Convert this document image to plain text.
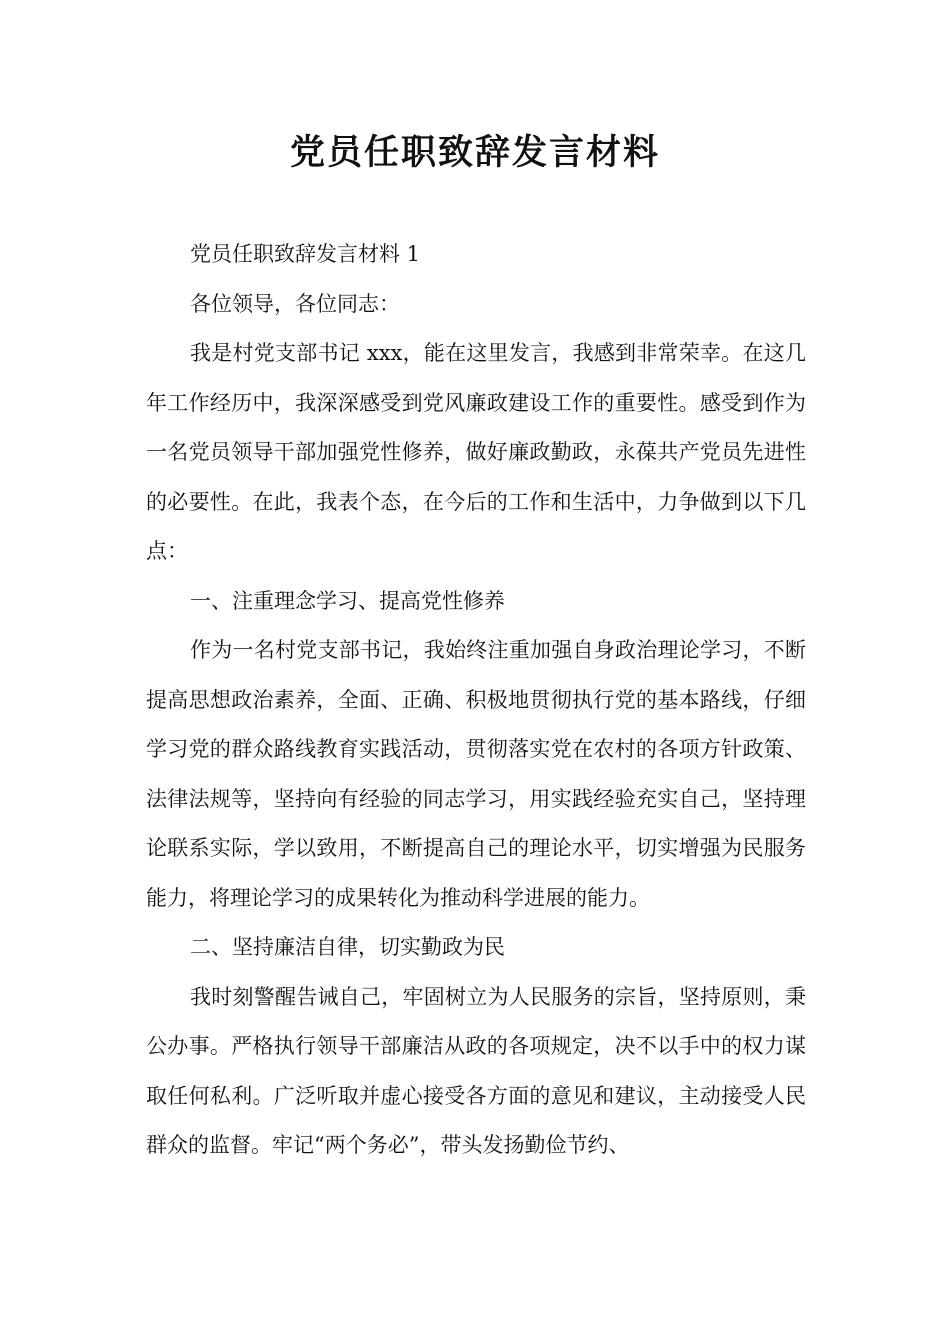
党员任职致辞发言材料

党员任职致辞发言材料 1

各位领导，各位同志：

我是村党支部书记 xxx，能在这里发言，我感到非常荣幸。在这几年工作经历中，我深深感受到党风廉政建设工作的重要性。感受到作为一名党员领导干部加强党性修养，做好廉政勤政，永葆共产党员先进性的必要性。在此，我表个态，在今后的工作和生活中，力争做到以下几点：

一、注重理念学习、提高党性修养

作为一名村党支部书记，我始终注重加强自身政治理论学习，不断提高思想政治素养，全面、正确、积极地贯彻执行党的基本路线，仔细学习党的群众路线教育实践活动，贯彻落实党在农村的各项方针政策、法律法规等，坚持向有经验的同志学习，用实践经验充实自己，坚持理论联系实际，学以致用，不断提高自己的理论水平，切实增强为民服务能力，将理论学习的成果转化为推动科学进展的能力。

二、坚持廉洁自律，切实勤政为民

我时刻警醒告诫自己，牢固树立为人民服务的宗旨，坚持原则，秉公办事。严格执行领导干部廉洁从政的各项规定，决不以手中的权力谋取任何私利。广泛听取并虚心接受各方面的意见和建议，主动接受人民群众的监督。牢记“两个务必”，带头发扬勤俭节约、
